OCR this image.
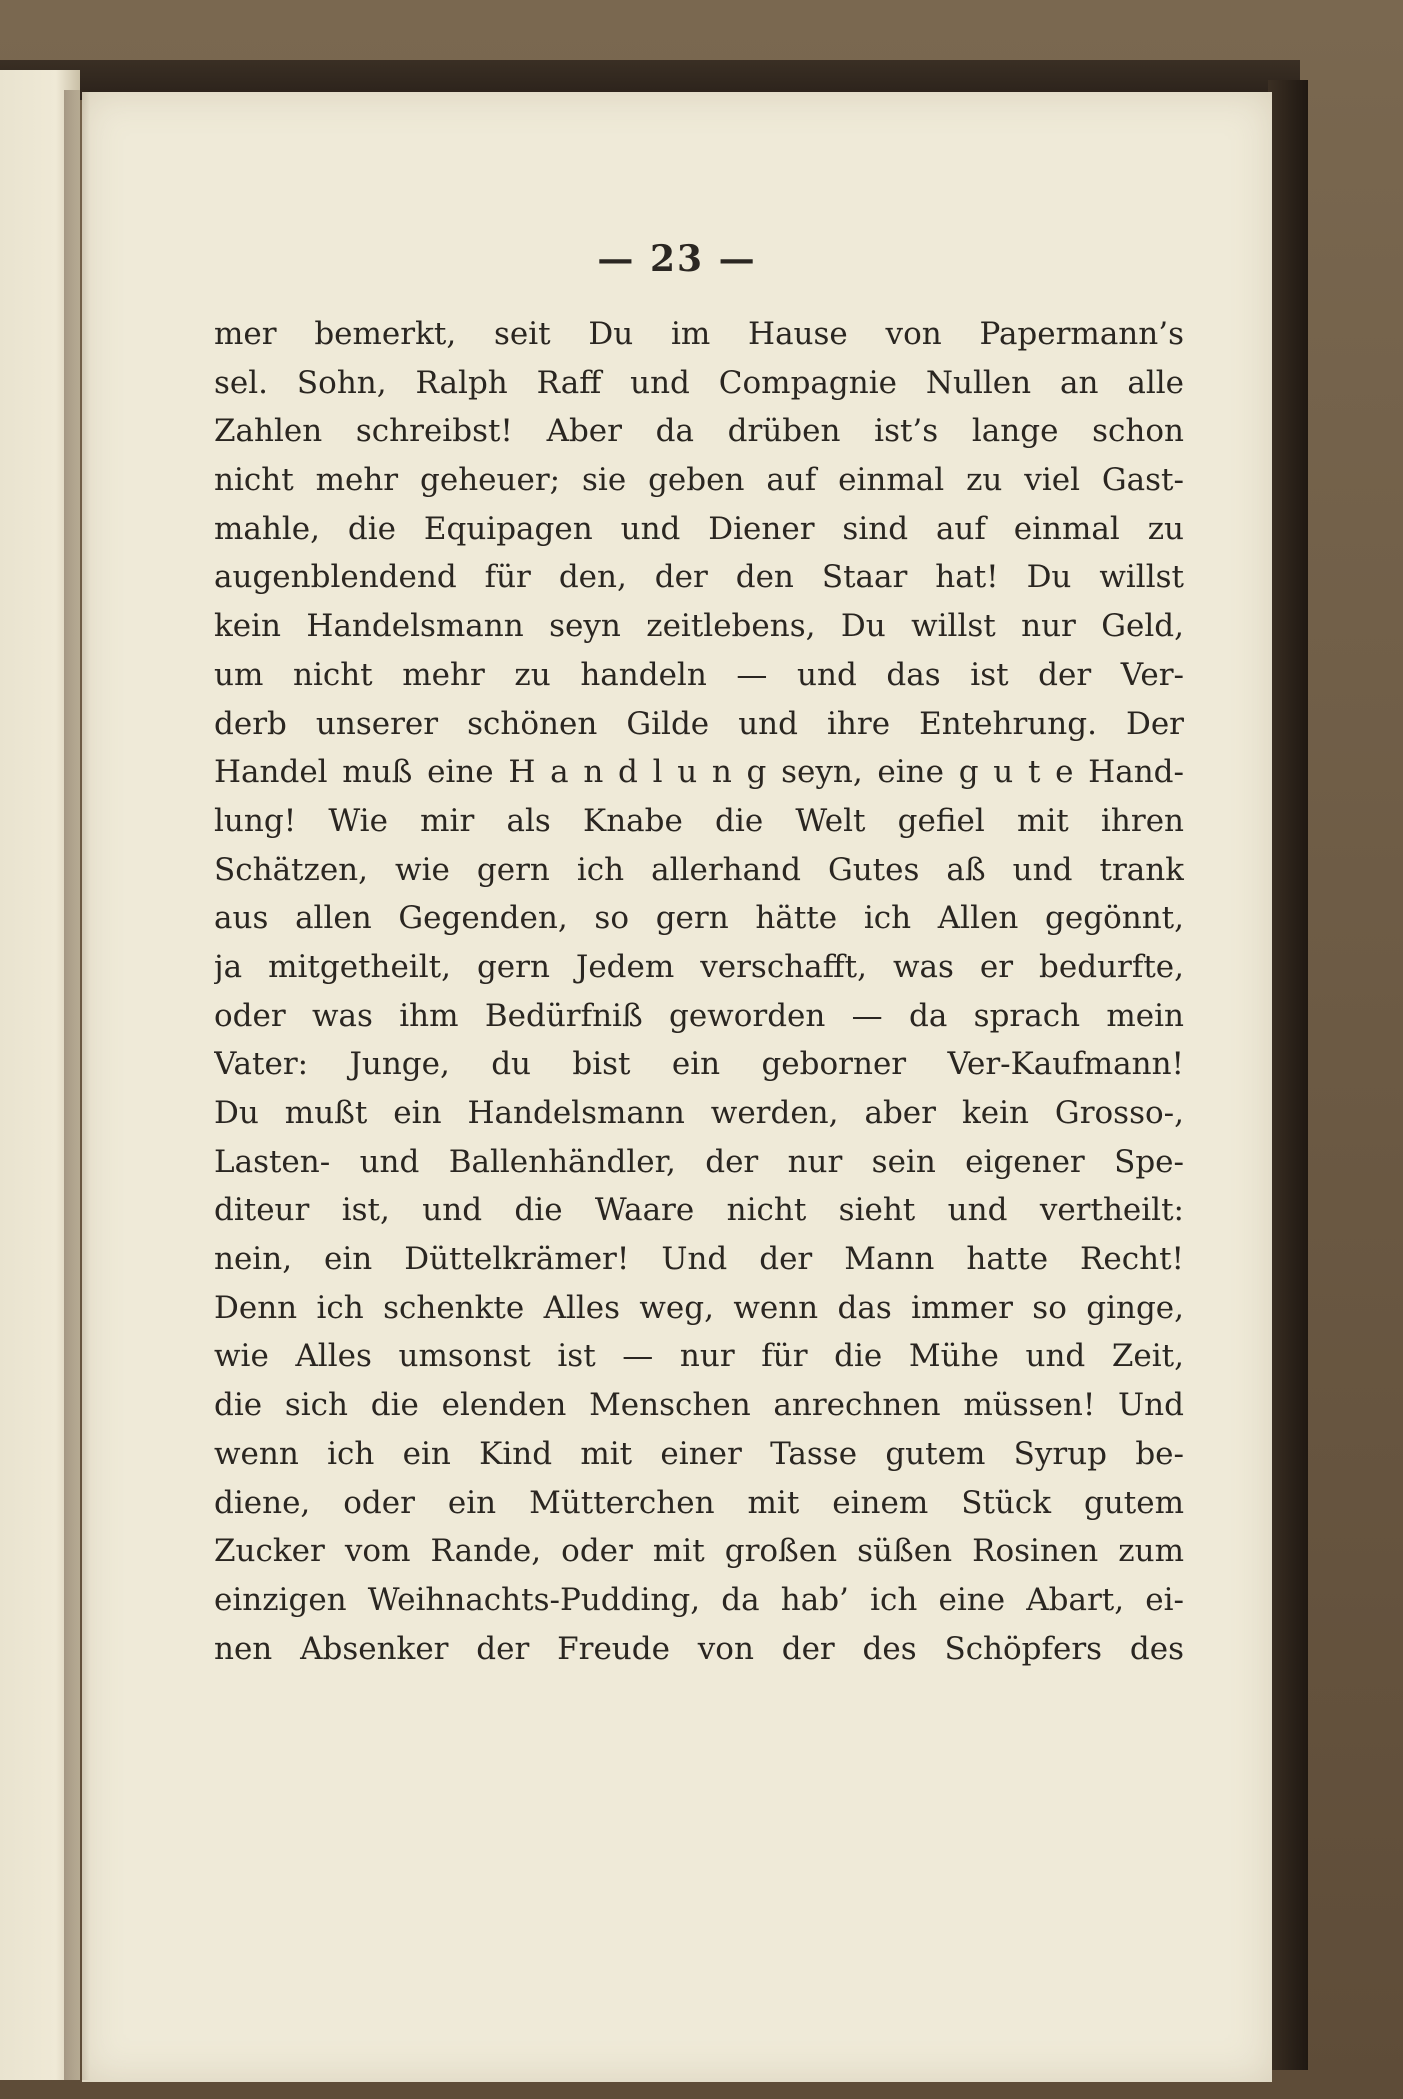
— 23 —
mer bemerkt, seit Du im Hause von Papermann’s
sel. Sohn, Ralph Raff und Compagnie Nullen an alle
Zahlen schreibst! Aber da drüben ist’s lange schon
nicht mehr geheuer; sie geben auf einmal zu viel Gast-
mahle, die Equipagen und Diener sind auf einmal zu
augenblendend für den, der den Staar hat! Du willst
kein Handelsmann seyn zeitlebens, Du willst nur Geld,
um nicht mehr zu handeln — und das ist der Ver-
derb unserer schönen Gilde und ihre Entehrung. Der
Handel muß eine H a n d l u n g seyn, eine g u t e Hand-
lung! Wie mir als Knabe die Welt gefiel mit ihren
Schätzen, wie gern ich allerhand Gutes aß und trank
aus allen Gegenden, so gern hätte ich Allen gegönnt,
ja mitgetheilt, gern Jedem verschafft, was er bedurfte,
oder was ihm Bedürfniß geworden — da sprach mein
Vater: Junge, du bist ein geborner Ver-Kaufmann!
Du mußt ein Handelsmann werden, aber kein Grosso-,
Lasten- und Ballenhändler, der nur sein eigener Spe-
diteur ist, und die Waare nicht sieht und vertheilt:
nein, ein Düttelkrämer! Und der Mann hatte Recht!
Denn ich schenkte Alles weg, wenn das immer so ginge,
wie Alles umsonst ist — nur für die Mühe und Zeit,
die sich die elenden Menschen anrechnen müssen! Und
wenn ich ein Kind mit einer Tasse gutem Syrup be-
diene, oder ein Mütterchen mit einem Stück gutem
Zucker vom Rande, oder mit großen süßen Rosinen zum
einzigen Weihnachts-Pudding, da hab’ ich eine Abart, ei-
nen Absenker der Freude von der des Schöpfers des
